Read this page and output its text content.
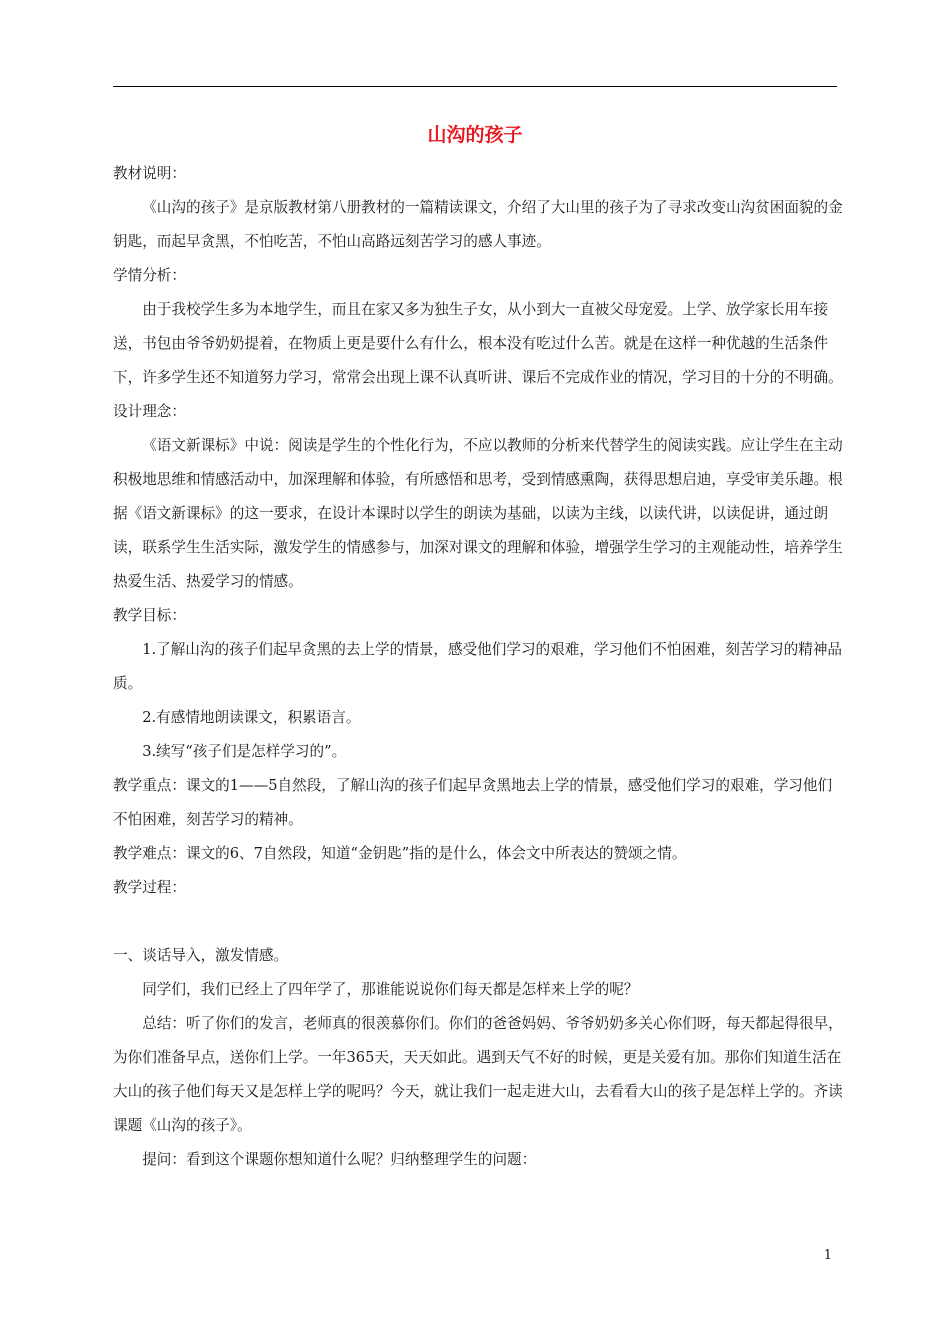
山沟的孩子

教材说明：

《山沟的孩子》是京版教材第八册教材的一篇精读课文，介绍了大山里的孩子为了寻求改变山沟贫困面貌的金钥匙，而起早贪黑，不怕吃苦，不怕山高路远刻苦学习的感人事迹。

学情分析：

由于我校学生多为本地学生，而且在家又多为独生子女，从小到大一直被父母宠爱。上学、放学家长用车接送，书包由爷爷奶奶提着，在物质上更是要什么有什么，根本没有吃过什么苦。就是在这样一种优越的生活条件下，许多学生还不知道努力学习，常常会出现上课不认真听讲、课后不完成作业的情况，学习目的十分的不明确。

设计理念：

《语文新课标》中说：阅读是学生的个性化行为，不应以教师的分析来代替学生的阅读实践。应让学生在主动积极地思维和情感活动中，加深理解和体验，有所感悟和思考，受到情感熏陶，获得思想启迪，享受审美乐趣。根据《语文新课标》的这一要求，在设计本课时以学生的朗读为基础，以读为主线，以读代讲，以读促讲，通过朗读，联系学生生活实际，激发学生的情感参与，加深对课文的理解和体验，增强学生学习的主观能动性，培养学生热爱生活、热爱学习的情感。

教学目标：

1.了解山沟的孩子们起早贪黑的去上学的情景，感受他们学习的艰难，学习他们不怕困难，刻苦学习的精神品质。

2.有感情地朗读课文，积累语言。

3.续写“孩子们是怎样学习的”。

教学重点：课文的1——5自然段，了解山沟的孩子们起早贪黑地去上学的情景，感受他们学习的艰难，学习他们不怕困难，刻苦学习的精神。

教学难点：课文的6、7自然段，知道“金钥匙”指的是什么，体会文中所表达的赞颂之情。

教学过程：

一、谈话导入，激发情感。

同学们，我们已经上了四年学了，那谁能说说你们每天都是怎样来上学的呢？

总结：听了你们的发言，老师真的很羡慕你们。你们的爸爸妈妈、爷爷奶奶多关心你们呀，每天都起得很早，为你们准备早点，送你们上学。一年365天，天天如此。遇到天气不好的时候，更是关爱有加。那你们知道生活在大山的孩子他们每天又是怎样上学的呢吗？今天，就让我们一起走进大山，去看看大山的孩子是怎样上学的。齐读课题《山沟的孩子》。

提问：看到这个课题你想知道什么呢？归纳整理学生的问题：

1
